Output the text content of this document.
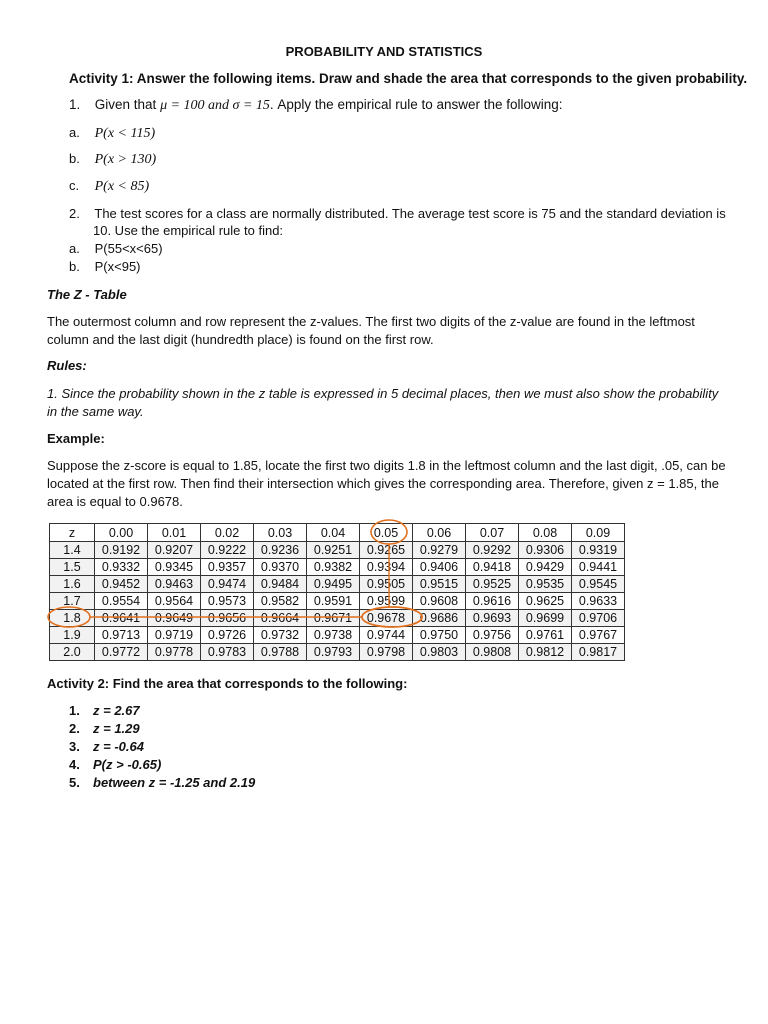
PROBABILITY AND STATISTICS
Activity 1: Answer the following items. Draw and shade the area that corresponds to the given probability.
1. Given that μ = 100 and σ = 15. Apply the empirical rule to answer the following:
a. P(x < 115)
b. P(x > 130)
c. P(x < 85)
2. The test scores for a class are normally distributed. The average test score is 75 and the standard deviation is
10. Use the empirical rule to find:
a. P(55<x<65)
b. P(x<95)
The Z - Table
The outermost column and row represent the z-values. The first two digits of the z-value are found in the leftmost column and the last digit (hundredth place) is found on the first row.
Rules:
1. Since the probability shown in the z table is expressed in 5 decimal places, then we must also show the probability in the same way.
Example:
Suppose the z-score is equal to 1.85, locate the first two digits 1.8 in the leftmost column and the last digit, .05, can be located at the first row. Then find their intersection which gives the corresponding area. Therefore, given z = 1.85, the area is equal to 0.9678.
z	0.00	0.01	0.02	0.03	0.04	0.05	0.06	0.07	0.08	0.09
1.4	0.9192	0.9207	0.9222	0.9236	0.9251	0.9265	0.9279	0.9292	0.9306	0.9319
1.5	0.9332	0.9345	0.9357	0.9370	0.9382	0.9394	0.9406	0.9418	0.9429	0.9441
1.6	0.9452	0.9463	0.9474	0.9484	0.9495	0.9505	0.9515	0.9525	0.9535	0.9545
1.7	0.9554	0.9564	0.9573	0.9582	0.9591	0.9599	0.9608	0.9616	0.9625	0.9633
1.8	0.9641	0.9649	0.9656	0.9664	0.9671	0.9678	0.9686	0.9693	0.9699	0.9706
1.9	0.9713	0.9719	0.9726	0.9732	0.9738	0.9744	0.9750	0.9756	0.9761	0.9767
2.0	0.9772	0.9778	0.9783	0.9788	0.9793	0.9798	0.9803	0.9808	0.9812	0.9817
Activity 2: Find the area that corresponds to the following:
1. z = 2.67
2. z = 1.29
3. z = -0.64
4. P(z > -0.65)
5. between z = -1.25 and 2.19
